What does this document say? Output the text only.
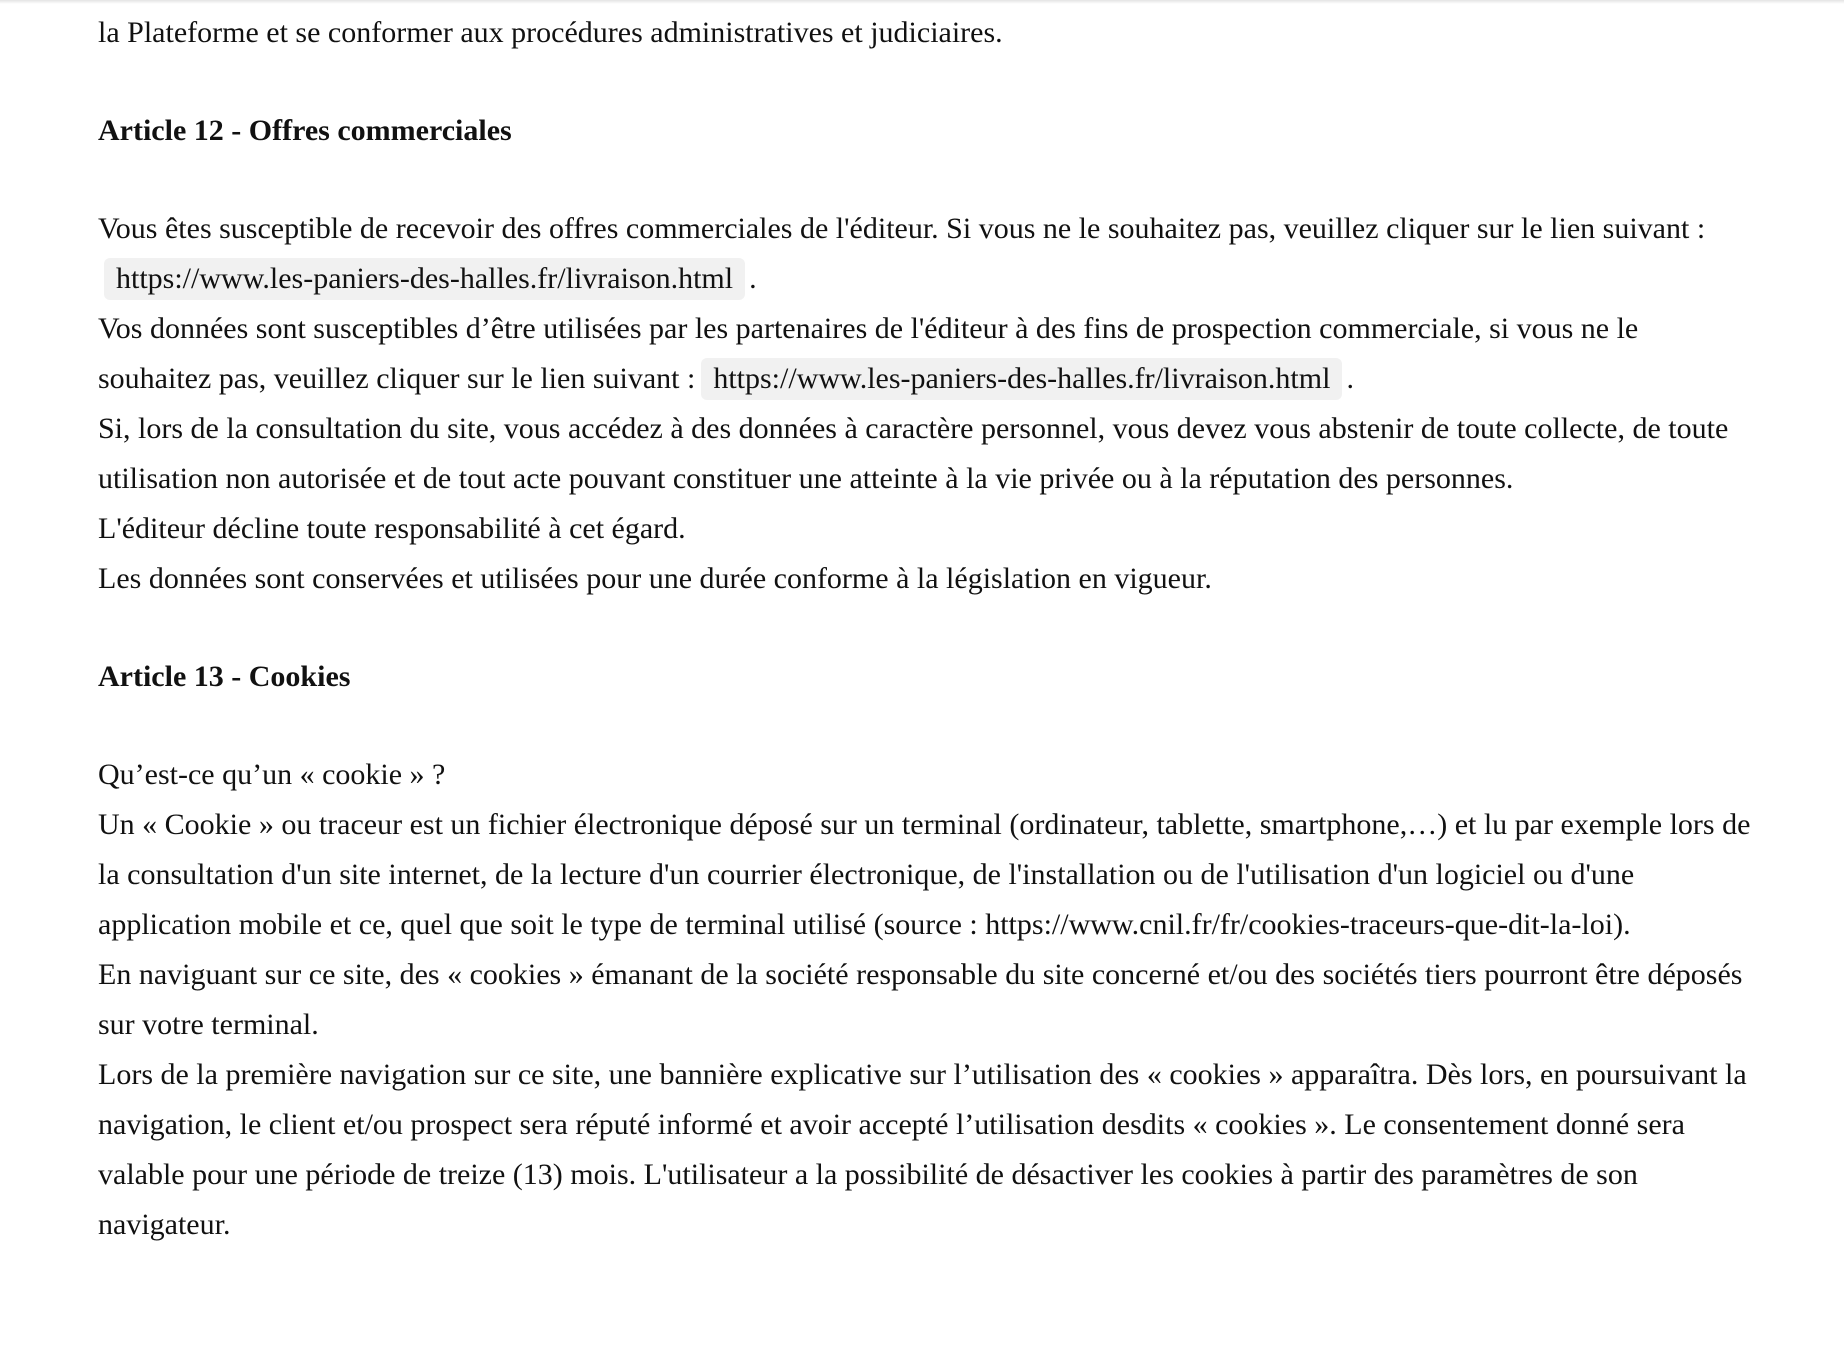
la Plateforme et se conformer aux procédures administratives et judiciaires.

Article 12 - Offres commerciales

Vous êtes susceptible de recevoir des offres commerciales de l'éditeur. Si vous ne le souhaitez pas, veuillez cliquer sur le lien suivant :https://www.les-paniers-des-halles.fr/livraison.html .

Vos données sont susceptibles d’être utilisées par les partenaires de l'éditeur à des fins de prospection commerciale, si vous ne le souhaitez pas, veuillez cliquer sur le lien suivant : https://www.les-paniers-des-halles.fr/livraison.html .

Si, lors de la consultation du site, vous accédez à des données à caractère personnel, vous devez vous abstenir de toute collecte, de toute utilisation non autorisée et de tout acte pouvant constituer une atteinte à la vie privée ou à la réputation des personnes.

L'éditeur décline toute responsabilité à cet égard.

Les données sont conservées et utilisées pour une durée conforme à la législation en vigueur.

Article 13 - Cookies

Qu’est-ce qu’un « cookie » ?

Un « Cookie » ou traceur est un fichier électronique déposé sur un terminal (ordinateur, tablette, smartphone,…) et lu par exemple lors de la consultation d'un site internet, de la lecture d'un courrier électronique, de l'installation ou de l'utilisation d'un logiciel ou d'une application mobile et ce, quel que soit le type de terminal utilisé (source : https://www.cnil.fr/fr/cookies-traceurs-que-dit-la-loi).

En naviguant sur ce site, des « cookies » émanant de la société responsable du site concerné et/ou des sociétés tiers pourront être déposés sur votre terminal.

Lors de la première navigation sur ce site, une bannière explicative sur l’utilisation des « cookies » apparaîtra. Dès lors, en poursuivant la navigation, le client et/ou prospect sera réputé informé et avoir accepté l’utilisation desdits « cookies ». Le consentement donné sera valable pour une période de treize (13) mois. L'utilisateur a la possibilité de désactiver les cookies à partir des paramètres de son navigateur.
